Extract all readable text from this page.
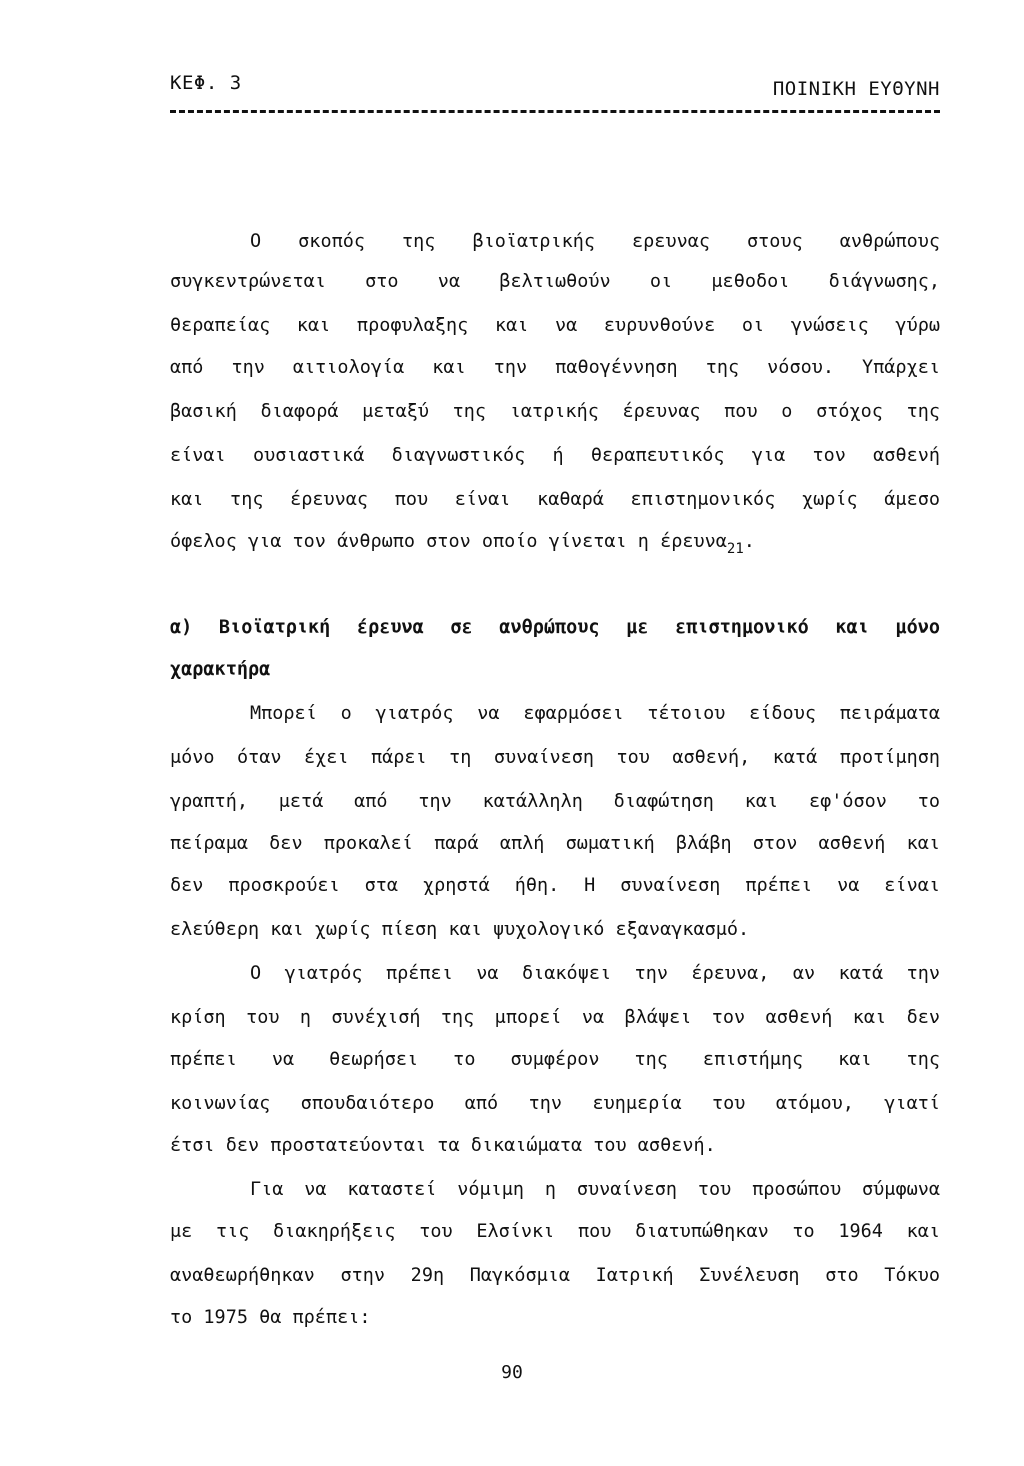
ΚΕΦ. 3	ΠΟΙΝΙΚΗ ΕΥΘΥΝΗ
Ο σκοπός της βιοϊατρικής ερευνας στους ανθρώπους
συγκεντρώνεται στο να βελτιωθούν οι μεθοδοι διάγνωσης,
θεραπείας και προφυλαξης και να ευρυνθούνε οι γνώσεις γύρω
από την αιτιολογία και την παθογέννηση της νόσου. Υπάρχει
βασική διαφορά μεταξύ της ιατρικής έρευνας που ο στόχος της
είναι ουσιαστικά διαγνωστικός ή θεραπευτικός για τον ασθενή
και της έρευνας που είναι καθαρά επιστημονικός χωρίς άμεσο
όφελος για τον άνθρωπο στον οποίο γίνεται η έρευνα$_{21}$.
α) Βιοϊατρική έρευνα σε ανθρώπους με επιστημονικό και μόνο
χαρακτήρα
Μπορεί ο γιατρός να εφαρμόσει τέτοιου είδους πειράματα
μόνο όταν έχει πάρει τη συναίνεση του ασθενή, κατά προτίμηση
γραπτή, μετά από την κατάλληλη διαφώτηση και εφ'όσον το
πείραμα δεν προκαλεί παρά απλή σωματική βλάβη στον ασθενή και
δεν προσκρούει στα χρηστά ήθη. Η συναίνεση πρέπει να είναι
ελεύθερη και χωρίς πίεση και ψυχολογικό εξαναγκασμό.
Ο γιατρός πρέπει να διακόψει την έρευνα, αν κατά την
κρίση του η συνέχισή της μπορεί να βλάψει τον ασθενή και δεν
πρέπει να θεωρήσει το συμφέρον της επιστήμης και της
κοινωνίας σπουδαιότερο από την ευημερία του ατόμου, γιατί
έτσι δεν προστατεύονται τα δικαιώματα του ασθενή.
Για να καταστεί νόμιμη η συναίνεση του προσώπου σύμφωνα
με τις διακηρήξεις του Ελσίνκι που διατυπώθηκαν το 1964 και
αναθεωρήθηκαν στην 29η Παγκόσμια Ιατρική Συνέλευση στο Τόκυο
το 1975 θα πρέπει:
90
